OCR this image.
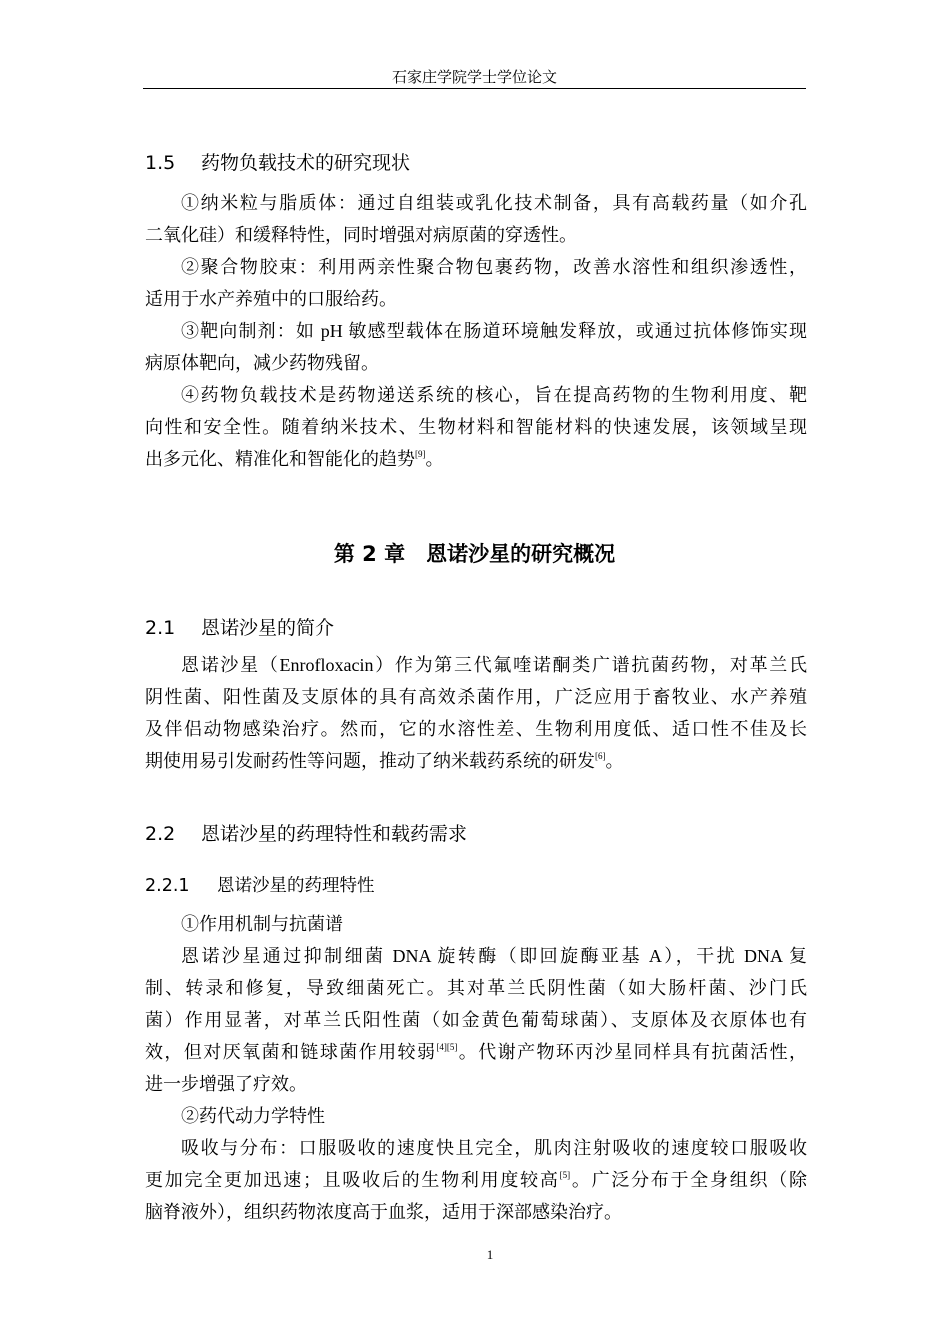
石家庄学院学士学位论文
1.5 药物负载技术的研究现状
①纳米粒与脂质体：通过自组装或乳化技术制备，具有高载药量（如介孔
二氧化硅）和缓释特性，同时增强对病原菌的穿透性。
②聚合物胶束：利用两亲性聚合物包裹药物，改善水溶性和组织渗透性，
适用于水产养殖中的口服给药。
③靶向制剂：如 pH 敏感型载体在肠道环境触发释放，或通过抗体修饰实现
病原体靶向，减少药物残留。
④药物负载技术是药物递送系统的核心，旨在提高药物的生物利用度、靶
向性和安全性。随着纳米技术、生物材料和智能材料的快速发展，该领域呈现
出多元化、精准化和智能化的趋势[9]。
第 2 章　恩诺沙星的研究概况
2.1 恩诺沙星的简介
恩诺沙星（Enrofloxacin）作为第三代氟喹诺酮类广谱抗菌药物，对革兰氏
阴性菌、阳性菌及支原体的具有高效杀菌作用，广泛应用于畜牧业、水产养殖
及伴侣动物感染治疗。然而，它的水溶性差、生物利用度低、适口性不佳及长
期使用易引发耐药性等问题，推动了纳米载药系统的研发[6]。
2.2 恩诺沙星的药理特性和载药需求
2.2.1 恩诺沙星的药理特性
①作用机制与抗菌谱
恩诺沙星通过抑制细菌 DNA 旋转酶（即回旋酶亚基 A），干扰 DNA 复
制、转录和修复，导致细菌死亡。其对革兰氏阴性菌（如大肠杆菌、沙门氏
菌）作用显著，对革兰氏阳性菌（如金黄色葡萄球菌）、支原体及衣原体也有
效，但对厌氧菌和链球菌作用较弱[4][5]。代谢产物环丙沙星同样具有抗菌活性，
进一步增强了疗效。
②药代动力学特性
吸收与分布：口服吸收的速度快且完全，肌肉注射吸收的速度较口服吸收
更加完全更加迅速；且吸收后的生物利用度较高[5]。广泛分布于全身组织（除
脑脊液外），组织药物浓度高于血浆，适用于深部感染治疗。
1
